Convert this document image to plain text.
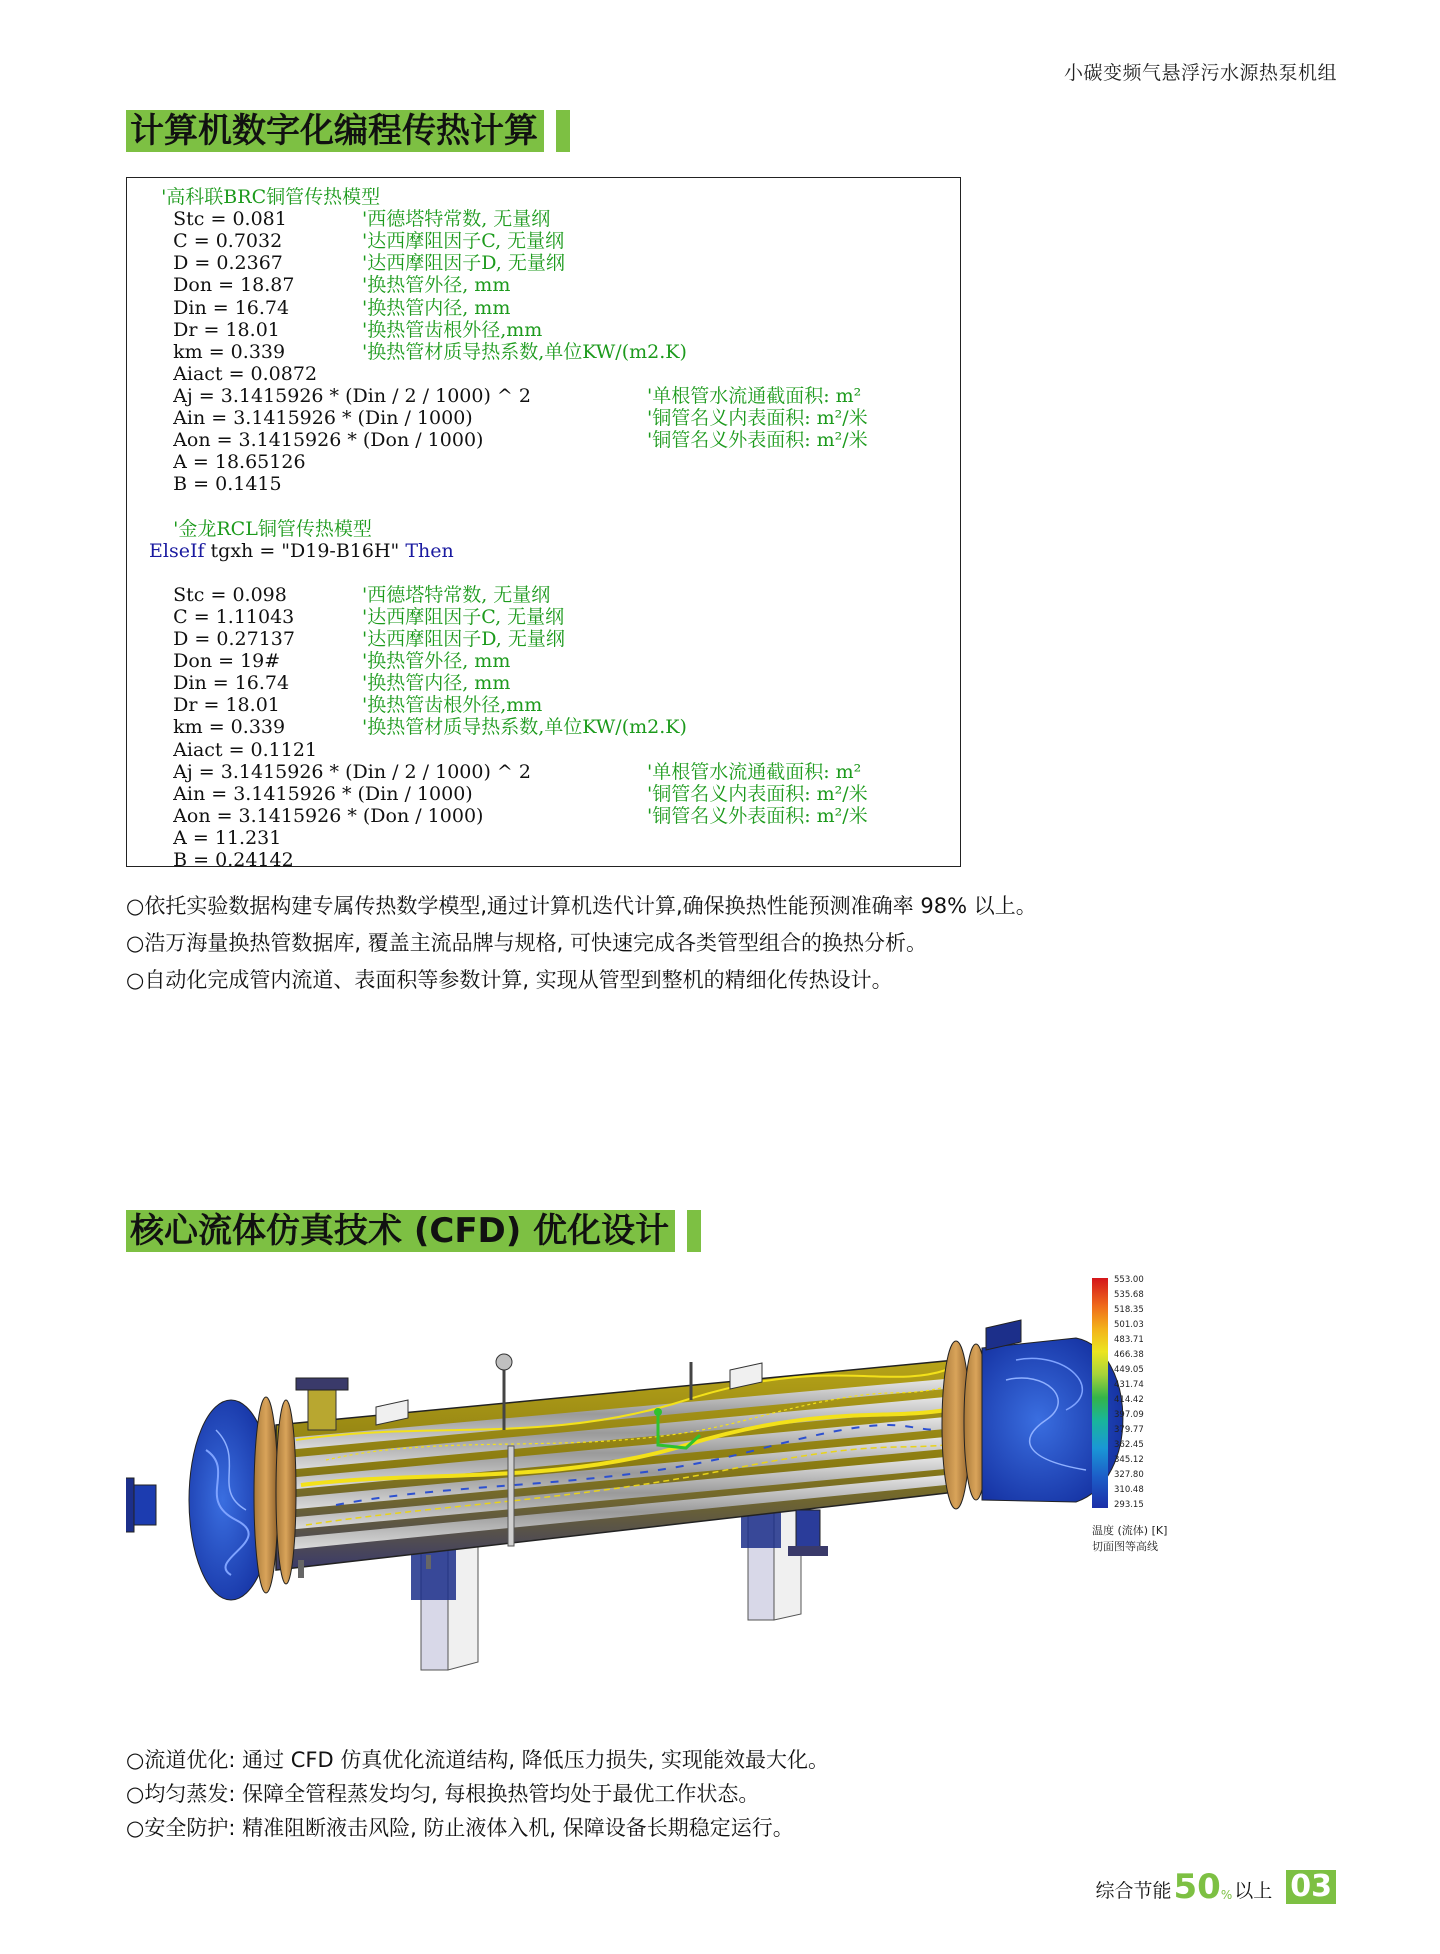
小碳变频气悬浮污水源热泵机组
计算机数字化编程传热计算
'高科联BRC铜管传热模型
Stc = 0.081	'西德塔特常数, 无量纲
C = 0.7032	'达西摩阻因子C, 无量纲
D = 0.2367	'达西摩阻因子D, 无量纲
Don = 18.87	'换热管外径, mm
Din = 16.74	'换热管内径, mm
Dr = 18.01	'换热管齿根外径,mm
km = 0.339	'换热管材质导热系数,单位KW/(m2.K)
Aiact = 0.0872
Aj = 3.1415926 * (Din / 2 / 1000) ^ 2	'单根管水流通截面积: m²
Ain = 3.1415926 * (Din / 1000)	'铜管名义内表面积: m²/米
Aon = 3.1415926 * (Don / 1000)	'铜管名义外表面积: m²/米
A = 18.65126
B = 0.1415
'金龙RCL铜管传热模型
ElseIf tgxh = "D19-B16H" Then
Stc = 0.098	'西德塔特常数, 无量纲
C = 1.11043	'达西摩阻因子C, 无量纲
D = 0.27137	'达西摩阻因子D, 无量纲
Don = 19#	'换热管外径, mm
Din = 16.74	'换热管内径, mm
Dr = 18.01	'换热管齿根外径,mm
km = 0.339	'换热管材质导热系数,单位KW/(m2.K)
Aiact = 0.1121
Aj = 3.1415926 * (Din / 2 / 1000) ^ 2	'单根管水流通截面积: m²
Ain = 3.1415926 * (Din / 1000)	'铜管名义内表面积: m²/米
Aon = 3.1415926 * (Don / 1000)	'铜管名义外表面积: m²/米
A = 11.231
B = 0.24142
○依托实验数据构建专属传热数学模型,通过计算机迭代计算,确保换热性能预测准确率 98% 以上。
○浩万海量换热管数据库, 覆盖主流品牌与规格, 可快速完成各类管型组合的换热分析。
○自动化完成管内流道、表面积等参数计算, 实现从管型到整机的精细化传热设计。
核心流体仿真技术 (CFD) 优化设计
553.00
535.68
518.35
501.03
483.71
466.38
449.05
431.74
414.42
397.09
379.77
362.45
345.12
327.80
310.48
293.15
温度 (流体) [K]
切面图等高线
○流道优化: 通过 CFD 仿真优化流道结构, 降低压力损失, 实现能效最大化。
○均匀蒸发: 保障全管程蒸发均匀, 每根换热管均处于最优工作状态。
○安全防护: 精准阻断液击风险, 防止液体入机, 保障设备长期稳定运行。
综合节能 50 % 以上 03
